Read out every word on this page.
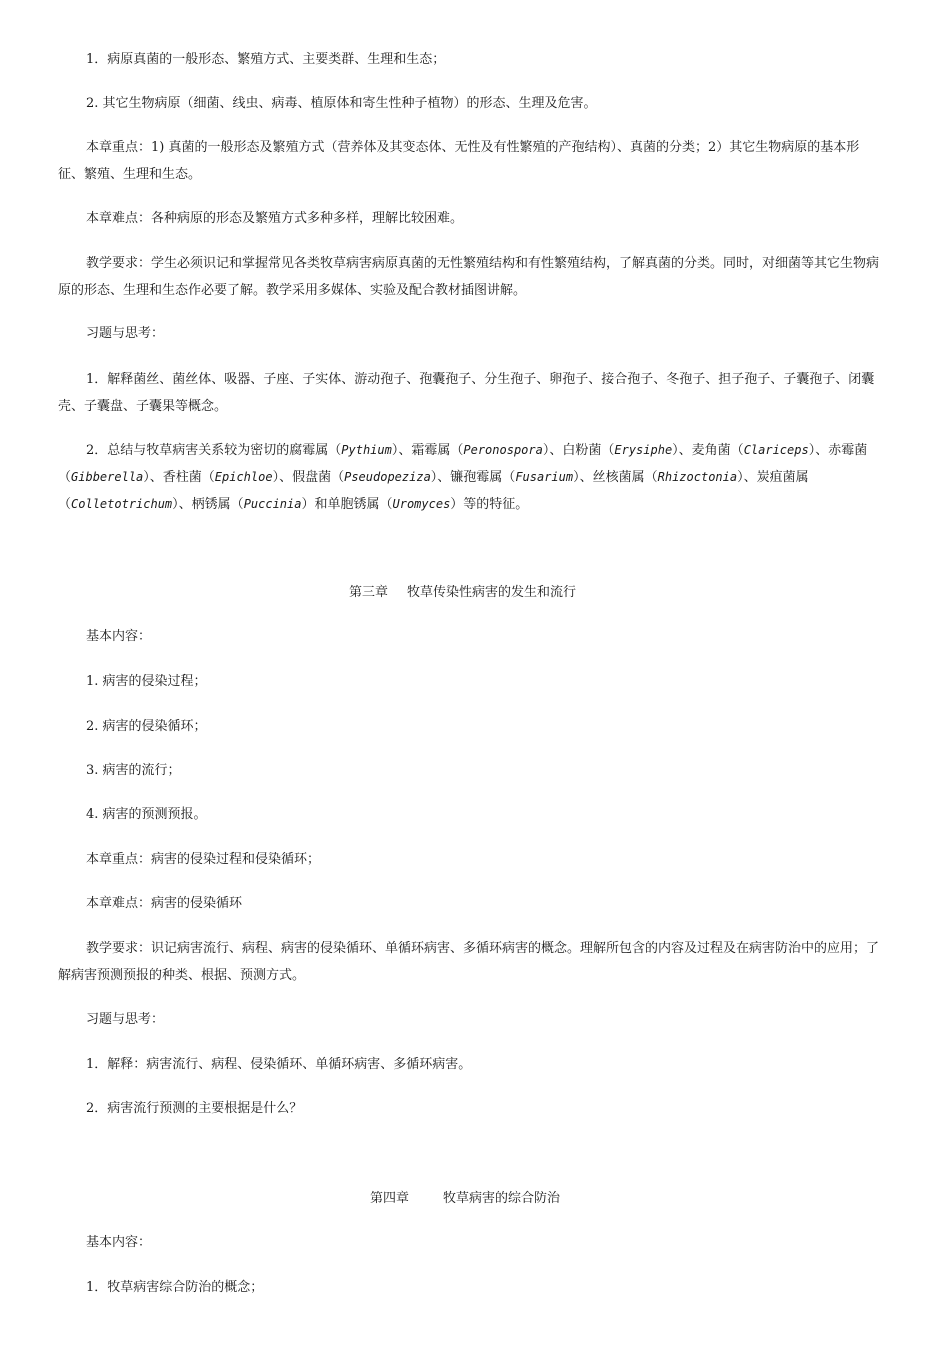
1．病原真菌的一般形态、繁殖方式、主要类群、生理和生态；

2. 其它生物病原（细菌、线虫、病毒、植原体和寄生性种子植物）的形态、生理及危害。

本章重点：1) 真菌的一般形态及繁殖方式（营养体及其变态体、无性及有性繁殖的产孢结构）、真菌的分类；2）其它生物病原的基本形征、繁殖、生理和生态。

本章难点：各种病原的形态及繁殖方式多种多样，理解比较困难。

教学要求：学生必须识记和掌握常见各类牧草病害病原真菌的无性繁殖结构和有性繁殖结构，了解真菌的分类。同时，对细菌等其它生物病原的形态、生理和生态作必要了解。教学采用多媒体、实验及配合教材插图讲解。

习题与思考：

1．解释菌丝、菌丝体、吸器、子座、子实体、游动孢子、孢囊孢子、分生孢子、卵孢子、接合孢子、冬孢子、担子孢子、子囊孢子、闭囊壳、子囊盘、子囊果等概念。

2．总结与牧草病害关系较为密切的腐霉属（Pythium）、霜霉属（Peronospora）、白粉菌（Erysiphe）、麦角菌（Clariceps）、赤霉菌（Gibberella）、香柱菌（Epichloe）、假盘菌（Pseudopeziza）、镰孢霉属（Fusarium）、丝核菌属（Rhizoctonia）、炭疽菌属（Colletotrichum）、柄锈属（Puccinia）和单胞锈属（Uromyces）等的特征。

第三章 牧草传染性病害的发生和流行

基本内容：

1. 病害的侵染过程；

2. 病害的侵染循环；

3. 病害的流行；

4. 病害的预测预报。

本章重点：病害的侵染过程和侵染循环；

本章难点：病害的侵染循环

教学要求：识记病害流行、病程、病害的侵染循环、单循环病害、多循环病害的概念。理解所包含的内容及过程及在病害防治中的应用；了解病害预测预报的种类、根据、预测方式。

习题与思考：

1．解释：病害流行、病程、侵染循环、单循环病害、多循环病害。

2．病害流行预测的主要根据是什么？

第四章	牧草病害的综合防治

基本内容：

1．牧草病害综合防治的概念；
